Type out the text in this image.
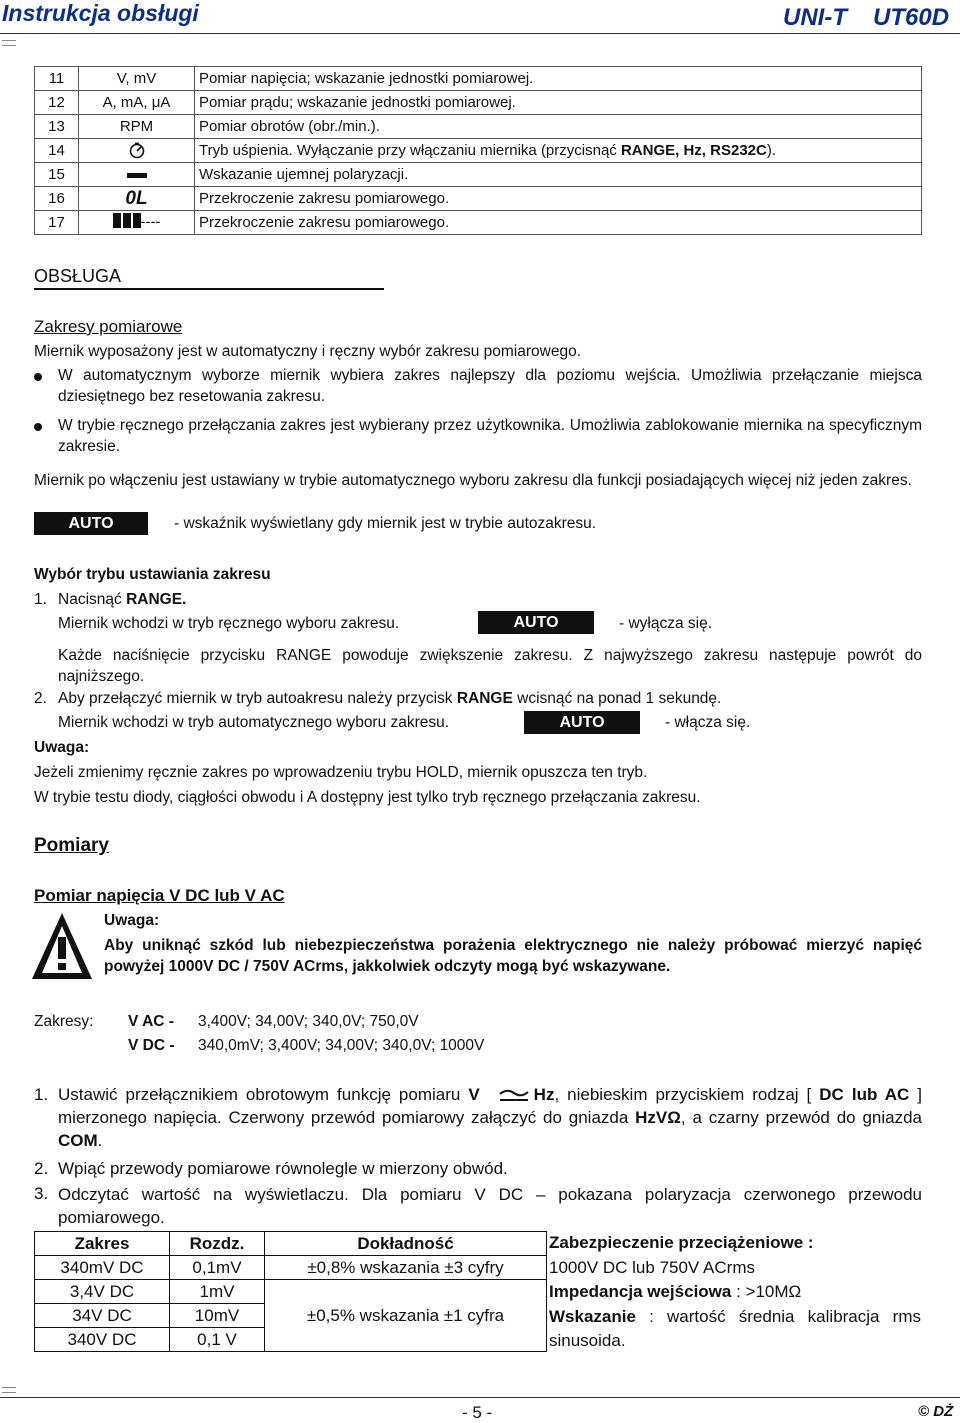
Instrukcja obsługi	UNI-T UT60D
11	V, mV	Pomiar napięcia; wskazanie jednostki pomiarowej.
12	A, mA, μA	Pomiar prądu; wskazanie jednostki pomiarowej.
13	RPM	Pomiar obrotów (obr./min.).
14		Tryb uśpienia. Wyłączanie przy włączaniu miernika (przycisnąć RANGE, Hz, RS232C).
15		Wskazanie ujemnej polaryzacji.
16	0L	Przekroczenie zakresu pomiarowego.
17	----	Przekroczenie zakresu pomiarowego.
OBSŁUGA
Zakresy pomiarowe
Miernik wyposażony jest w automatyczny i ręczny wybór zakresu pomiarowego.
W automatycznym wyborze miernik wybiera zakres najlepszy dla poziomu wejścia. Umożliwia przełączanie miejsca dziesiętnego bez resetowania zakresu.
W trybie ręcznego przełączania zakres jest wybierany przez użytkownika. Umożliwia zablokowanie miernika na specyficznym zakresie.
Miernik po włączeniu jest ustawiany w trybie automatycznego wyboru zakresu dla funkcji posiadających więcej niż jeden zakres.
AUTO	- wskaźnik wyświetlany gdy miernik jest w trybie autozakresu.
Wybór trybu ustawiania zakresu
1. Nacisnąć RANGE.
Miernik wchodzi w tryb ręcznego wyboru zakresu.	AUTO	- wyłącza się.
Każde naciśnięcie przycisku RANGE powoduje zwiększenie zakresu. Z najwyższego zakresu następuje powrót do najniższego.
2. Aby przełączyć miernik w tryb autoakresu należy przycisk RANGE wcisnąć na ponad 1 sekundę.
Miernik wchodzi w tryb automatycznego wyboru zakresu.	AUTO	- włącza się.
Uwaga:
Jeżeli zmienimy ręcznie zakres po wprowadzeniu trybu HOLD, miernik opuszcza ten tryb.
W trybie testu diody, ciągłości obwodu i A dostępny jest tylko tryb ręcznego przełączania zakresu.
Pomiary
Pomiar napięcia V DC lub V AC
Uwaga:
Aby uniknąć szkód lub niebezpieczeństwa porażenia elektrycznego nie należy próbować mierzyć napięć powyżej 1000V DC / 750V ACrms, jakkolwiek odczyty mogą być wskazywane.
Zakresy: V AC - 3,400V; 34,00V; 340,0V; 750,0V
V DC - 340,0mV; 3,400V; 34,00V; 340,0V; 1000V
1. Ustawić przełącznikiem obrotowym funkcję pomiaru V	Hz, niebieskim przyciskiem rodzaj [ DC lub AC ] mierzonego napięcia. Czerwony przewód pomiarowy załączyć do gniazda HzVΩ, a czarny przewód do gniazda COM.
2. Wpiąć przewody pomiarowe równolegle w mierzony obwód.
3. Odczytać wartość na wyświetlaczu. Dla pomiaru V DC – pokazana polaryzacja czerwonego przewodu pomiarowego.
Zakres	Rozdz.	Dokładność
340mV DC	0,1mV	±0,8% wskazania ±3 cyfry
3,4V DC	1mV	±0,5% wskazania ±1 cyfra
34V DC	10mV	
340V DC	0,1 V	
Zabezpieczenie przeciążeniowe :
1000V DC lub 750V ACrms
Impedancja wejściowa : >10MΩ
Wskazanie : wartość średnia kalibracja rms sinusoida.
- 5 -	© DŻ
